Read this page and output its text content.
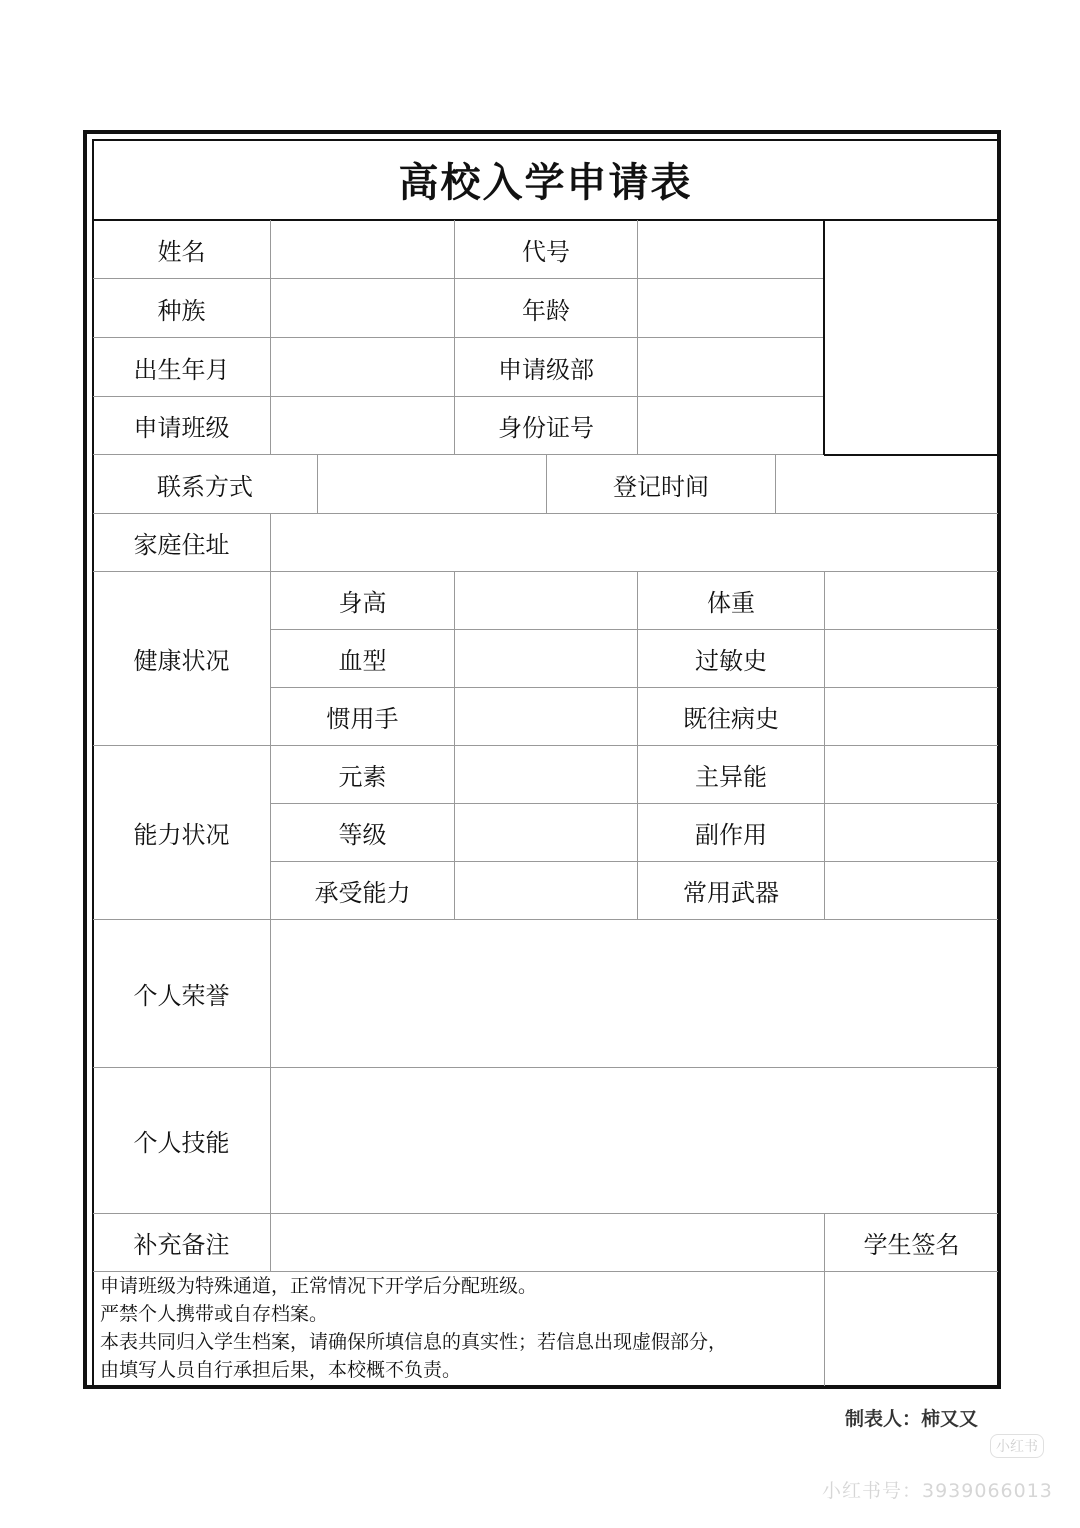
高校入学申请表
姓名	代号
种族	年龄
出生年月	申请级部
申请班级	身份证号
联系方式	登记时间
家庭住址
健康状况
身高	体重
血型	过敏史
惯用手	既往病史
能力状况
元素	主异能
等级	副作用
承受能力	常用武器
个人荣誉
个人技能
补充备注	学生签名
申请班级为特殊通道，正常情况下开学后分配班级。
严禁个人携带或自存档案。
本表共同归入学生档案，请确保所填信息的真实性；若信息出现虚假部分，
由填写人员自行承担后果，本校概不负责。
制表人：柿又又
小红书
小红书号：3939066013
